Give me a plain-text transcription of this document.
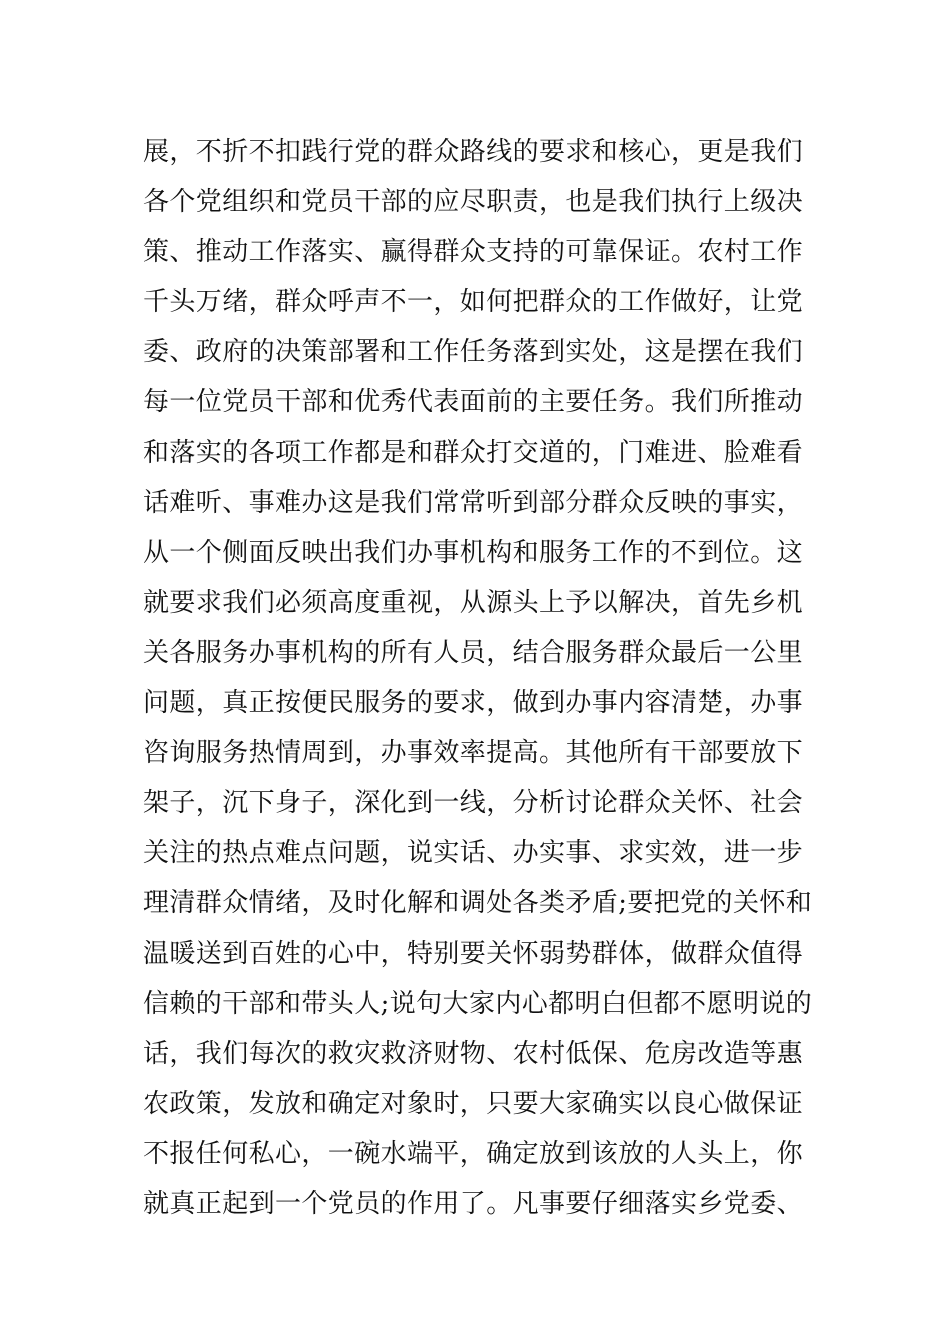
展，不折不扣践行党的群众路线的要求和核心，更是我们
各个党组织和党员干部的应尽职责，也是我们执行上级决
策、推动工作落实、赢得群众支持的可靠保证。农村工作
千头万绪，群众呼声不一，如何把群众的工作做好，让党
委、政府的决策部署和工作任务落到实处，这是摆在我们
每一位党员干部和优秀代表面前的主要任务。我们所推动
和落实的各项工作都是和群众打交道的，门难进、脸难看
话难听、事难办这是我们常常听到部分群众反映的事实，
从一个侧面反映出我们办事机构和服务工作的不到位。这
就要求我们必须高度重视，从源头上予以解决，首先乡机
关各服务办事机构的所有人员，结合服务群众最后一公里
问题，真正按便民服务的要求，做到办事内容清楚，办事
咨询服务热情周到，办事效率提高。其他所有干部要放下
架子，沉下身子，深化到一线，分析讨论群众关怀、社会
关注的热点难点问题，说实话、办实事、求实效，进一步
理清群众情绪，及时化解和调处各类矛盾;要把党的关怀和
温暖送到百姓的心中，特别要关怀弱势群体，做群众值得
信赖的干部和带头人;说句大家内心都明白但都不愿明说的
话，我们每次的救灾救济财物、农村低保、危房改造等惠
农政策，发放和确定对象时，只要大家确实以良心做保证
不报任何私心，一碗水端平，确定放到该放的人头上，你
就真正起到一个党员的作用了。凡事要仔细落实乡党委、
